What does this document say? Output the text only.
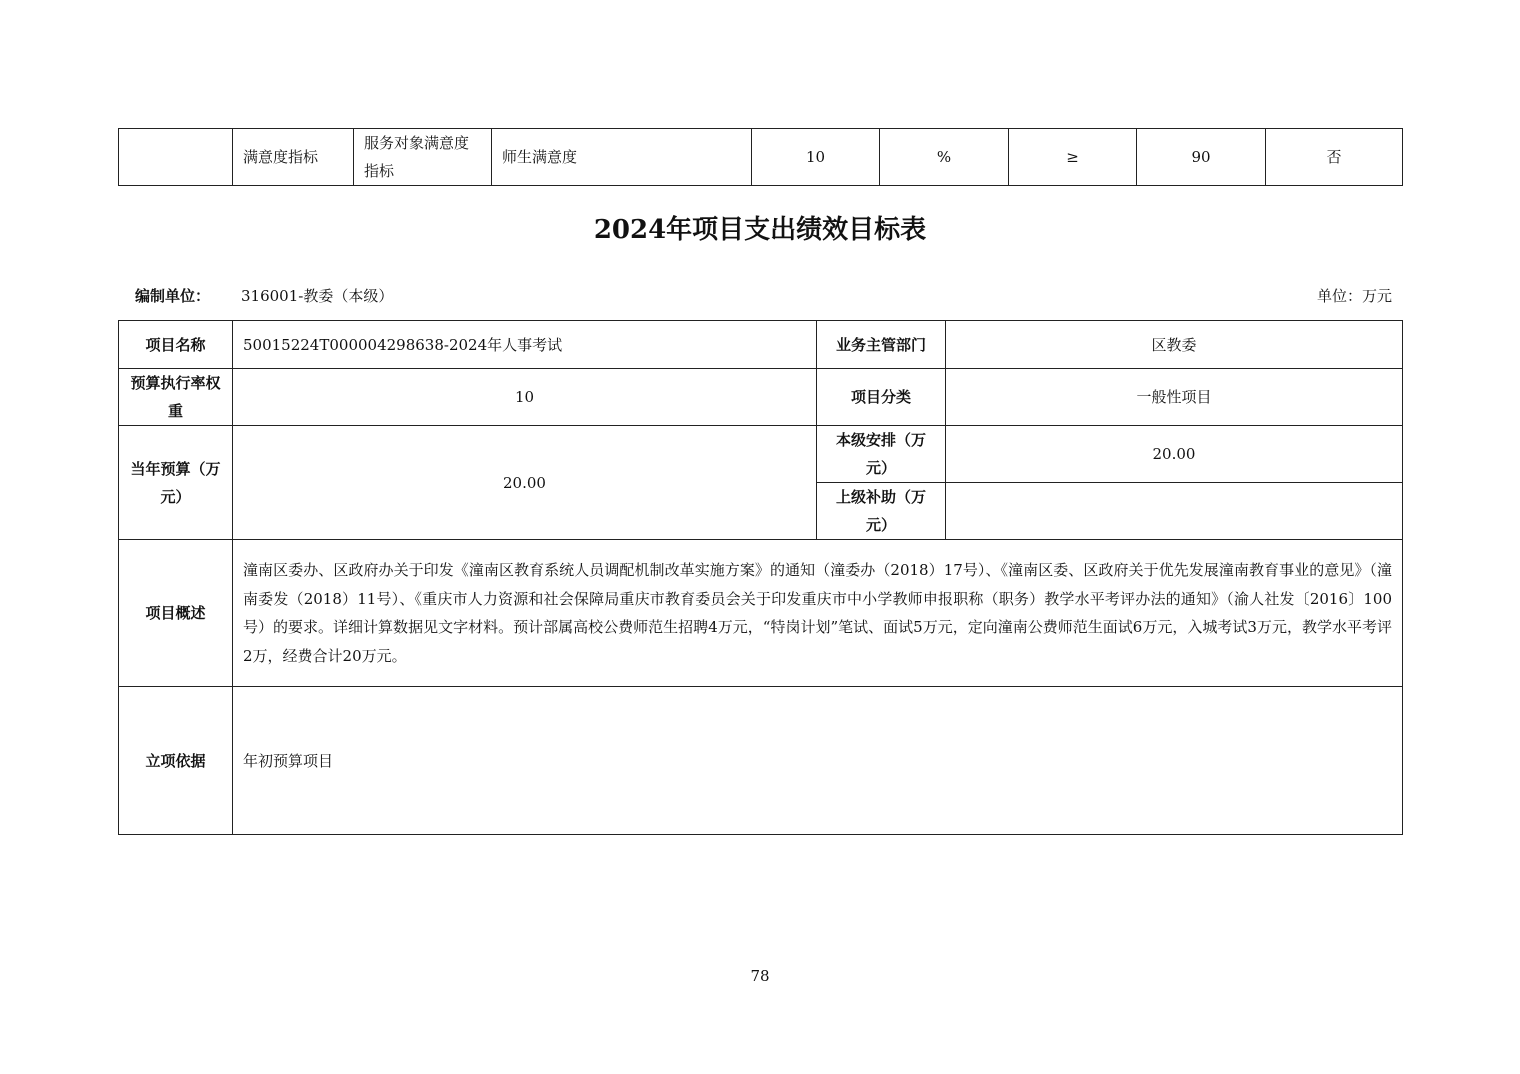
	满意度指标	服务对象满意度指标	师生满意度	10	%	≥	90	否
2024年项目支出绩效目标表
编制单位： 316001-教委（本级）	单位：万元
项目名称	50015224T000004298638-2024年人事考试	业务主管部门	区教委
预算执行率权重	10	项目分类	一般性项目
当年预算（万元）	20.00	本级安排（万元）	20.00
		上级补助（万元）	
项目概述	潼南区委办、区政府办关于印发《潼南区教育系统人员调配机制改革实施方案》的通知（潼委办（2018）17号）、《潼南区委、区政府关于优先发展潼南教育事业的意见》（潼南委发（2018）11号）、《重庆市人力资源和社会保障局重庆市教育委员会关于印发重庆市中小学教师申报职称（职务）教学水平考评办法的通知》（渝人社发〔2016〕100号）的要求。详细计算数据见文字材料。预计部属高校公费师范生招聘4万元，“特岗计划”笔试、面试5万元，定向潼南公费师范生面试6万元，入城考试3万元，教学水平考评2万，经费合计20万元。		
立项依据	年初预算项目		
78
